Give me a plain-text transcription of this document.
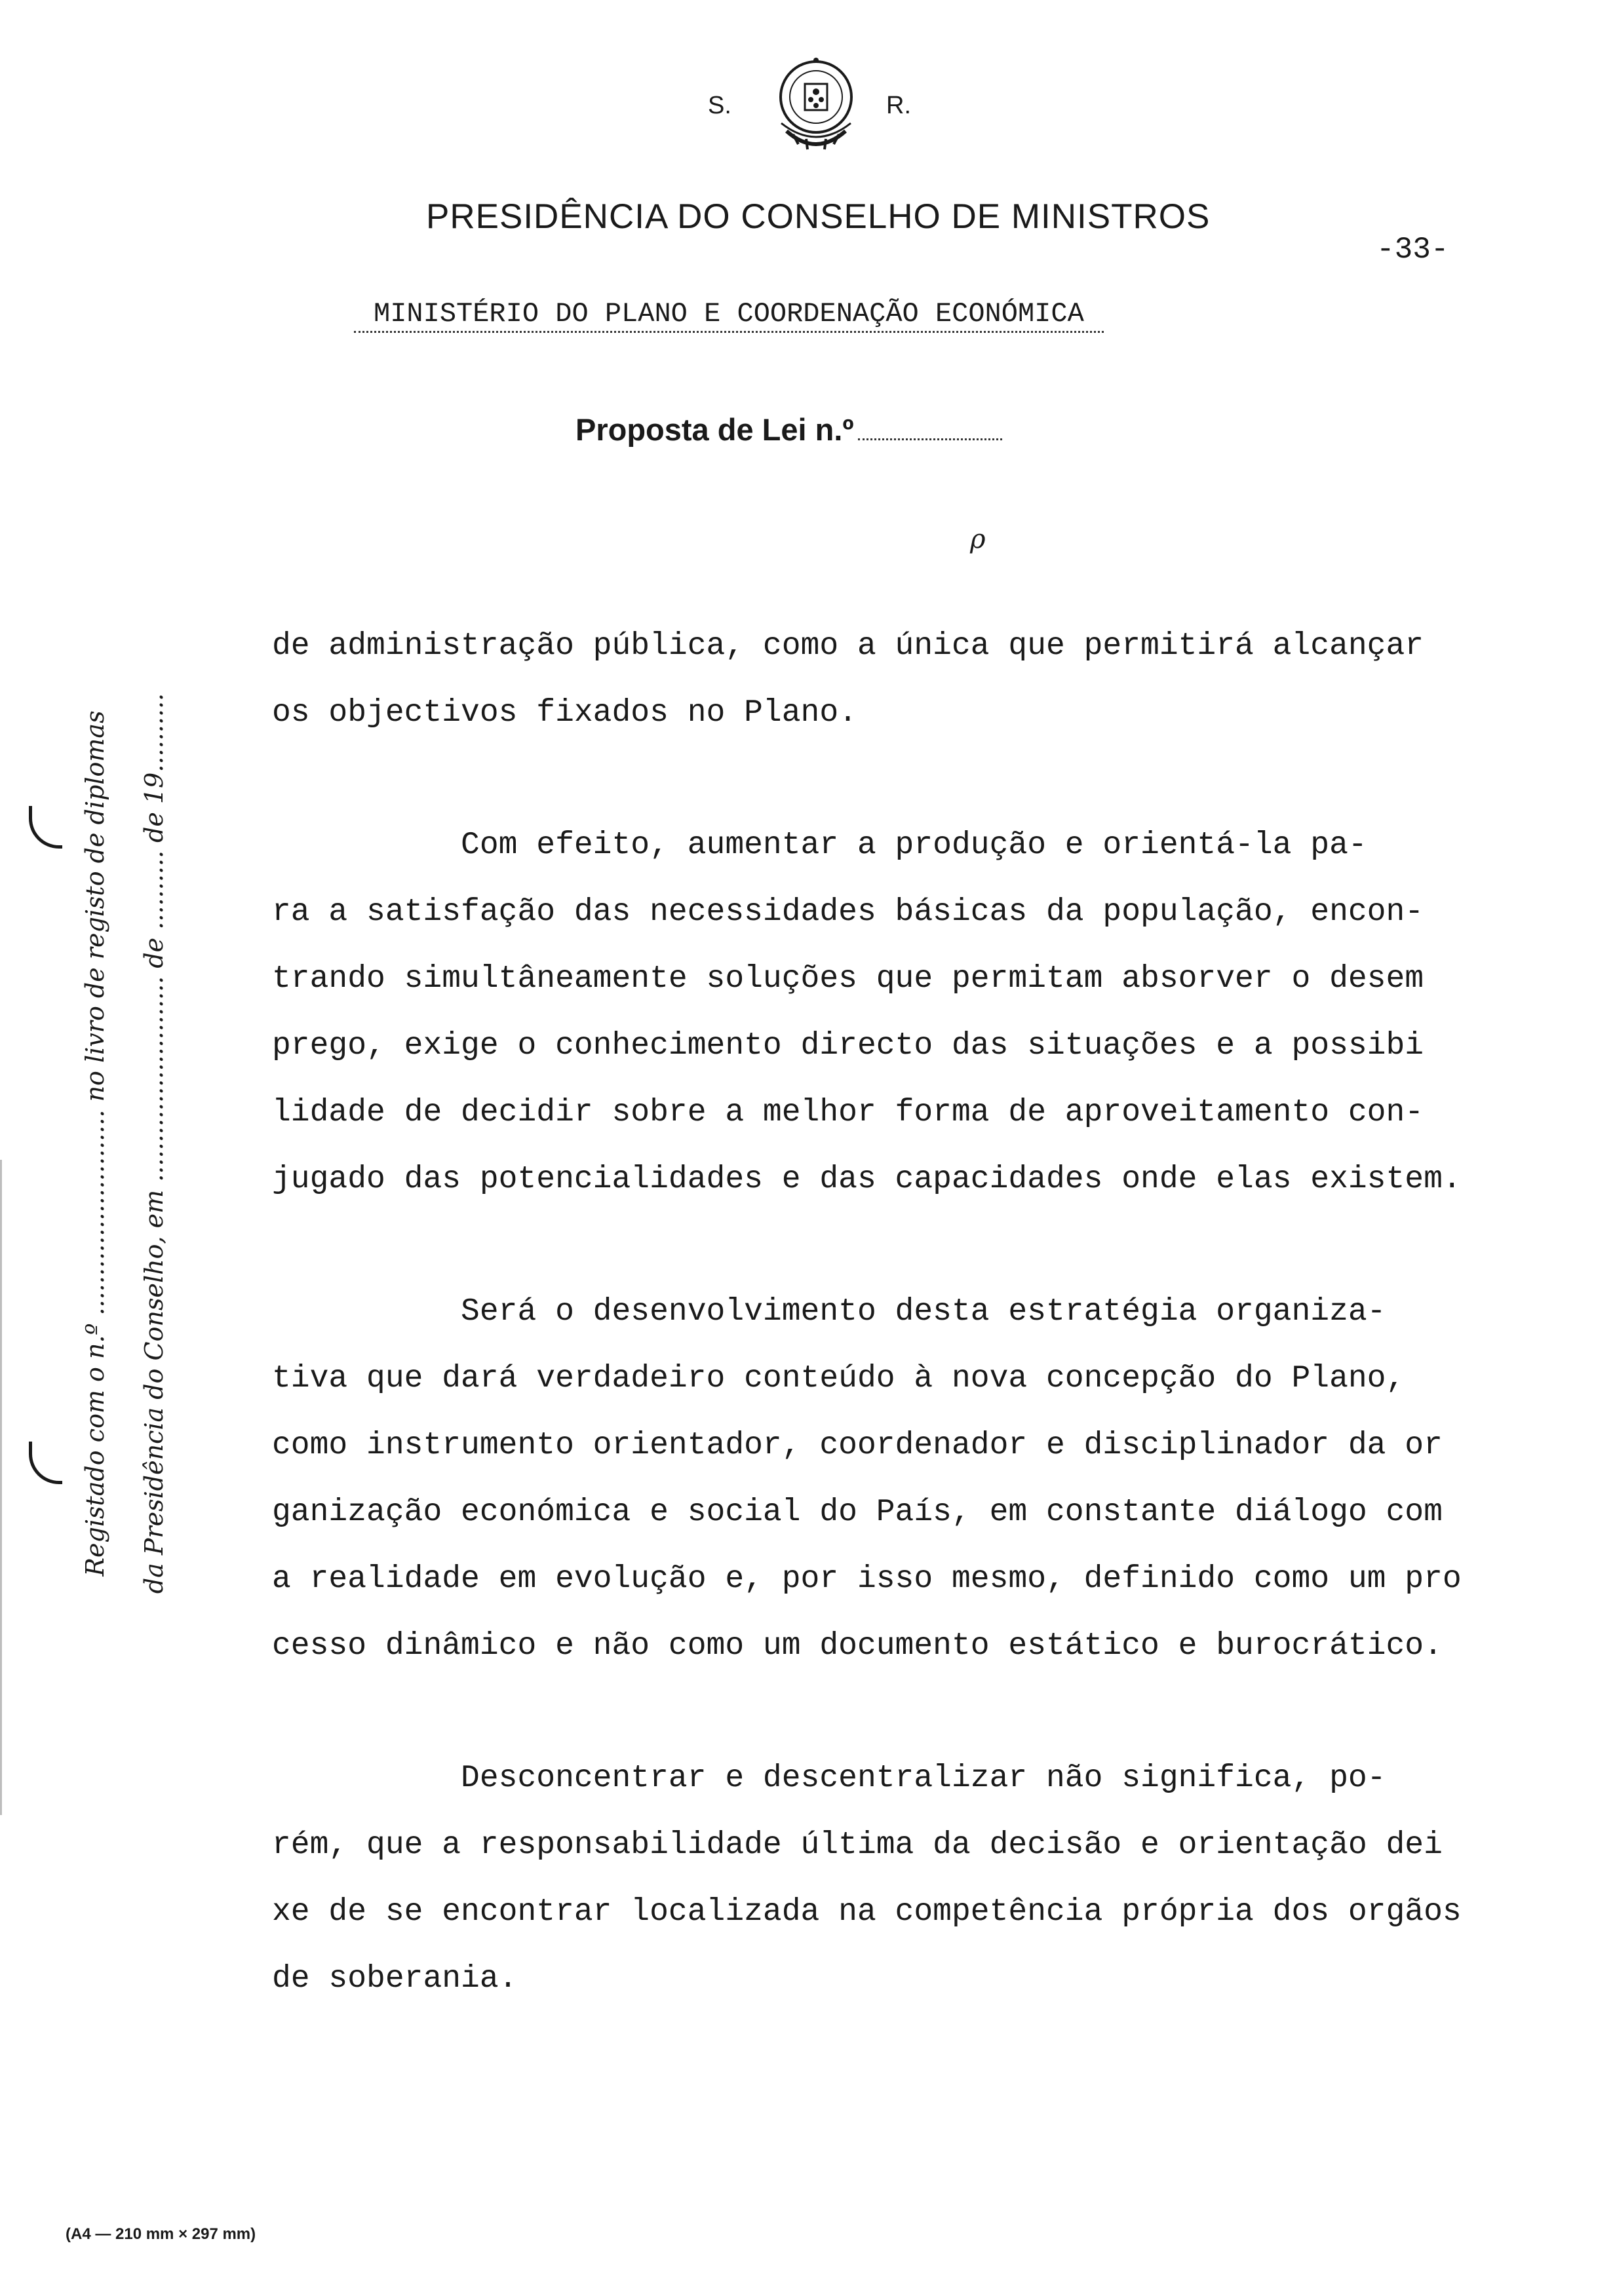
S.	R.
PRESIDÊNCIA DO CONSELHO DE MINISTROS
-33-
MINISTÉRIO DO PLANO E COORDENAÇÃO ECONÓMICA
Proposta de Lei n.º
ρ
de administração pública, como a única que permitirá alcançar
os objectivos fixados no Plano.
Com efeito, aumentar a produção e orientá-la pa-
ra a satisfação das necessidades básicas da população, encon-
trando simultâneamente soluções que permitam absorver o desem
prego, exige o conhecimento directo das situações e a possibi
lidade de decidir sobre a melhor forma de aproveitamento con-
jugado das potencialidades e das capacidades onde elas existem.
Será o desenvolvimento desta estratégia organiza-
tiva que dará verdadeiro conteúdo à nova concepção do Plano,
como instrumento orientador, coordenador e disciplinador da or
ganização económica e social do País, em constante diálogo com
a realidade em evolução e, por isso mesmo, definido como um pro
cesso dinâmico e não como um documento estático e burocrático.
Desconcentrar e descentralizar não significa, po-
rém, que a responsabilidade última da decisão e orientação dei
xe de se encontrar localizada na competência própria dos orgãos
de soberania.
Registado com o n.º .......................... no livro de registo de diplomas da Presidência do Conselho, em .......................... de .......... de 19..........
(A4 — 210 mm × 297 mm)
